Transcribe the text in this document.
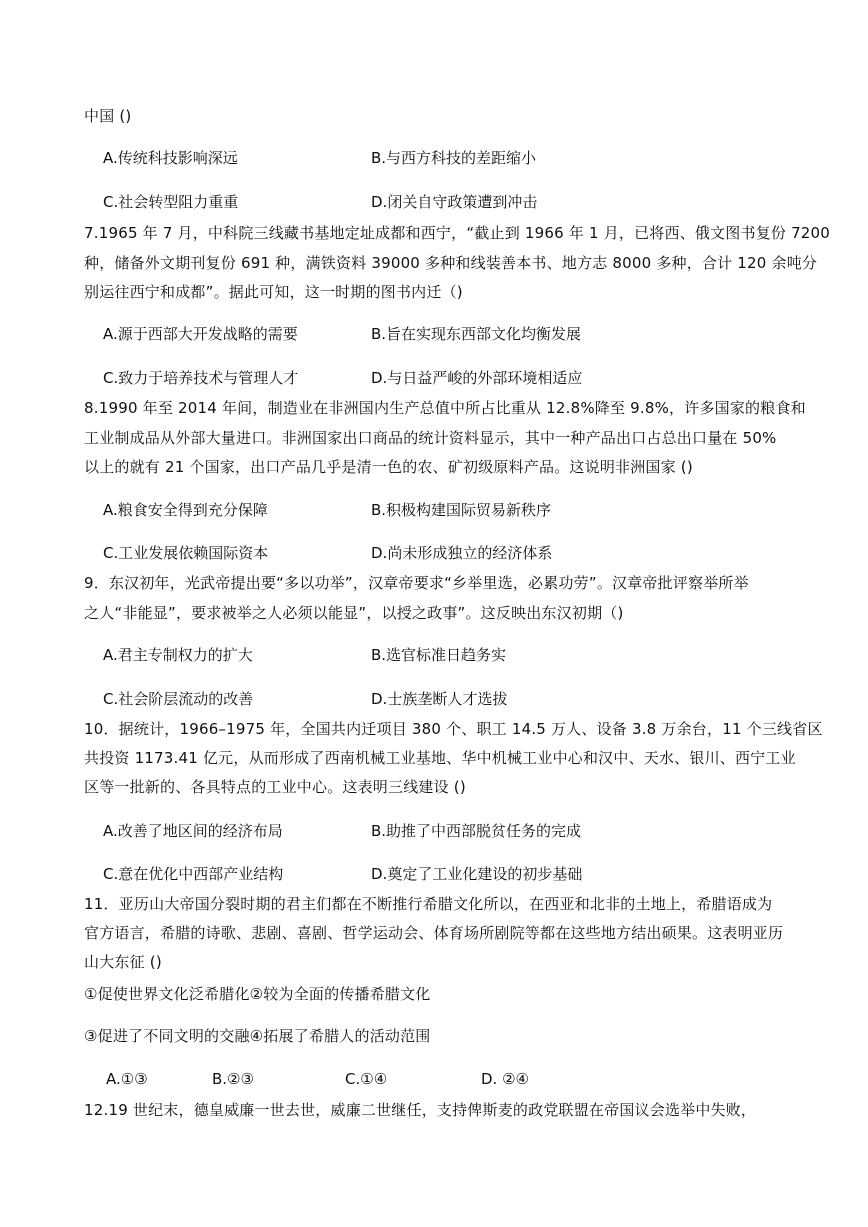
中国 ()
A.传统科技影响深远	B.与西方科技的差距缩小
C.社会转型阻力重重	D.闭关自守政策遭到冲击
7.1965 年 7 月，中科院三线藏书基地定址成都和西宁，“截止到 1966 年 1 月，已将西、俄文图书复份 7200
种，储备外文期刊复份 691 种，满铁资料 39000 多种和线装善本书、地方志 8000 多种，合计 120 余吨分
别运往西宁和成都”。据此可知，这一时期的图书内迁（)
A.源于西部大开发战略的需要	B.旨在实现东西部文化均衡发展
C.致力于培养技术与管理人才	D.与日益严峻的外部环境相适应
8.1990 年至 2014 年间，制造业在非洲国内生产总值中所占比重从 12.8%降至 9.8%，许多国家的粮食和
工业制成品从外部大量进口。非洲国家出口商品的统计资料显示，其中一种产品出口占总出口量在 50%
以上的就有 21 个国家，出口产品几乎是清一色的农、矿初级原料产品。这说明非洲国家 ()
A.粮食安全得到充分保障	B.积极构建国际贸易新秩序
C.工业发展依赖国际资本	D.尚未形成独立的经济体系
9．东汉初年，光武帝提出要“多以功举”，汉章帝要求“乡举里选，必累功劳”。汉章帝批评察举所举
之人“非能显”，要求被举之人必须以能显”，以授之政事”。这反映出东汉初期（)
A.君主专制权力的扩大	B.选官标准日趋务实
C.社会阶层流动的改善	D.士族垄断人才选拔
10．据统计，1966–1975 年，全国共内迁项目 380 个、职工 14.5 万人、设备 3.8 万余台，11 个三线省区
共投资 1173.41 亿元，从而形成了西南机械工业基地、华中机械工业中心和汉中、天水、银川、西宁工业
区等一批新的、各具特点的工业中心。这表明三线建设 ()
A.改善了地区间的经济布局	B.助推了中西部脱贫任务的完成
C.意在优化中西部产业结构	D.奠定了工业化建设的初步基础
11．亚历山大帝国分裂时期的君主们都在不断推行希腊文化所以，在西亚和北非的土地上，希腊语成为
官方语言，希腊的诗歌、悲剧、喜剧、哲学运动会、体育场所剧院等都在这些地方结出硕果。这表明亚历
山大东征 ()
①促使世界文化泛希腊化②较为全面的传播希腊文化
③促进了不同文明的交融④拓展了希腊人的活动范围
A.①③	B.②③	C.①④	D. ②④
12.19 世纪末，德皇威廉一世去世，威廉二世继任，支持俾斯麦的政党联盟在帝国议会选举中失败，
